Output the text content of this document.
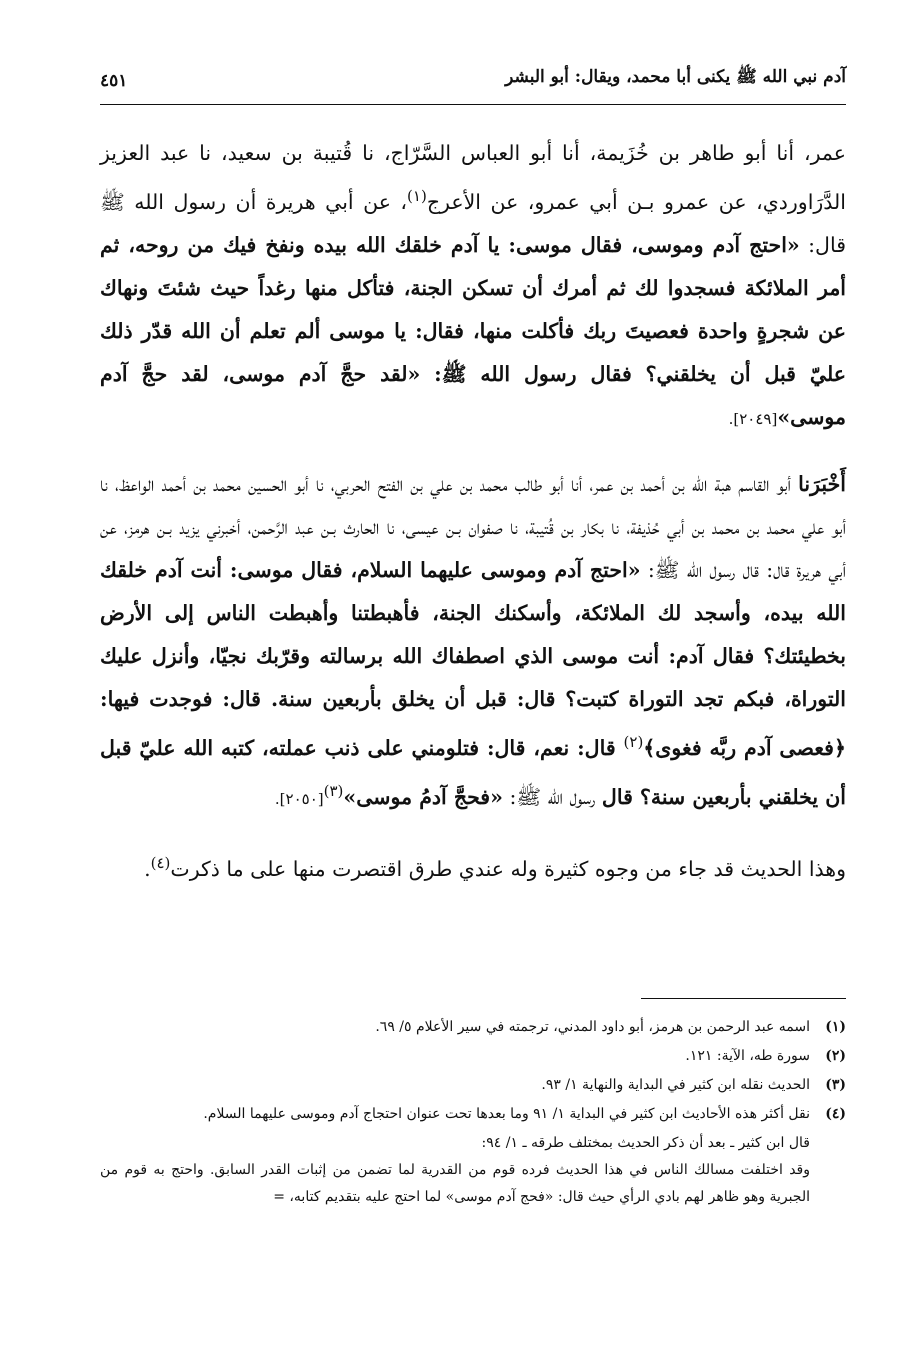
آدم نبي الله ﷺ يكنى أبا محمد، ويقال: أبو البشر
٤٥١

عمر، أنا أبو طاهر بن خُزَيمة، أنا أبو العباس السَّرّاج، نا قُتيبة بن سعيد، نا عبد العزيز الدَّرَاوردي، عن عمرو بـن أبي عمرو، عن الأعرج$^{(١)}$، عن أبي هريرة أن رسول الله ﷺ قال: «احتج آدم وموسى، فقال موسى: يا آدم خلقك الله بيده ونفخ فيك من روحه، ثم أمر الملائكة فسجدوا لك ثم أمرك أن تسكن الجنة، فتأكل منها رغداً حيث شئتَ ونهاك عن شجرةٍ واحدة فعصيتَ ربك فأكلت منها، فقال: يا موسى ألم تعلم أن الله قدّر ذلك عليّ قبل أن يخلقني؟ فقال رسول الله ﷺ: «لقد حجَّ آدم موسى، لقد حجَّ آدم موسى»[٢٠٤٩].

أَخْبَرَنا أبو القاسم هبة اللّٰه بن أحمد بن عمر، أنا أبو طالب محمد بن علي بن الفتح الحربي، نا أبو الحسين محمد بن أحمد الواعظ، نا أبو علي محمد بن محمد بن أبي حُذيفة، نا بكار بن قُتيبة، نا صفوان بـن عيسى، نا الحارث بـن عبد الرَّحمن، أخبرني يزيد بـن هرمز، عن أبي هريرة قال: قال رسول الله ﷺ: «احتج آدم وموسى عليهما السلام، فقال موسى: أنت آدم خلقك الله بيده، وأسجد لك الملائكة، وأسكنك الجنة، فأهبطتنا وأهبطت الناس إلى الأرض بخطيئتك؟ فقال آدم: أنت موسى الذي اصطفاك الله برسالته وقرّبك نجيّا، وأنزل عليك التوراة، فبكم تجد التوراة كتبت؟ قال: قبل أن يخلق بأربعين سنة. قال: فوجدت فيها: ﴿فعصى آدم ربَّه فغوى﴾$^{(٢)}$ قال: نعم، قال: فتلومني على ذنب عملته، كتبه الله عليّ قبل أن يخلقني بأربعين سنة؟ قال رسول الله ﷺ: «فحجَّ آدمُ موسى»$^{(٣)}$[٢٠٥٠].

وهذا الحديث قد جاء من وجوه كثيرة وله عندي طرق اقتصرت منها على ما ذكرت$^{(٤)}$.

(١)
اسمه عبد الرحمن بن هرمز، أبو داود المدني، ترجمته في سير الأعلام ٥/ ٦٩.
(٢)
سورة طه، الآية: ١٢١.
(٣)
الحديث نقله ابن كثير في البداية والنهاية ١/ ٩٣.
(٤)
نقل أكثر هذه الأحاديث ابن كثير في البداية ١/ ٩١ وما بعدها تحت عنوان احتجاج آدم وموسى عليهما السلام.

قال ابن كثير ـ بعد أن ذكر الحديث بمختلف طرقه ـ ١/ ٩٤:

وقد اختلفت مسالك الناس في هذا الحديث فرده قوم من القدرية لما تضمن من إثبات القدر السابق. واحتج به قوم من الجبرية وهو ظاهر لهم بادي الرأي حيث قال: «فحج آدم موسى» لما احتج عليه بتقديم كتابه، =
